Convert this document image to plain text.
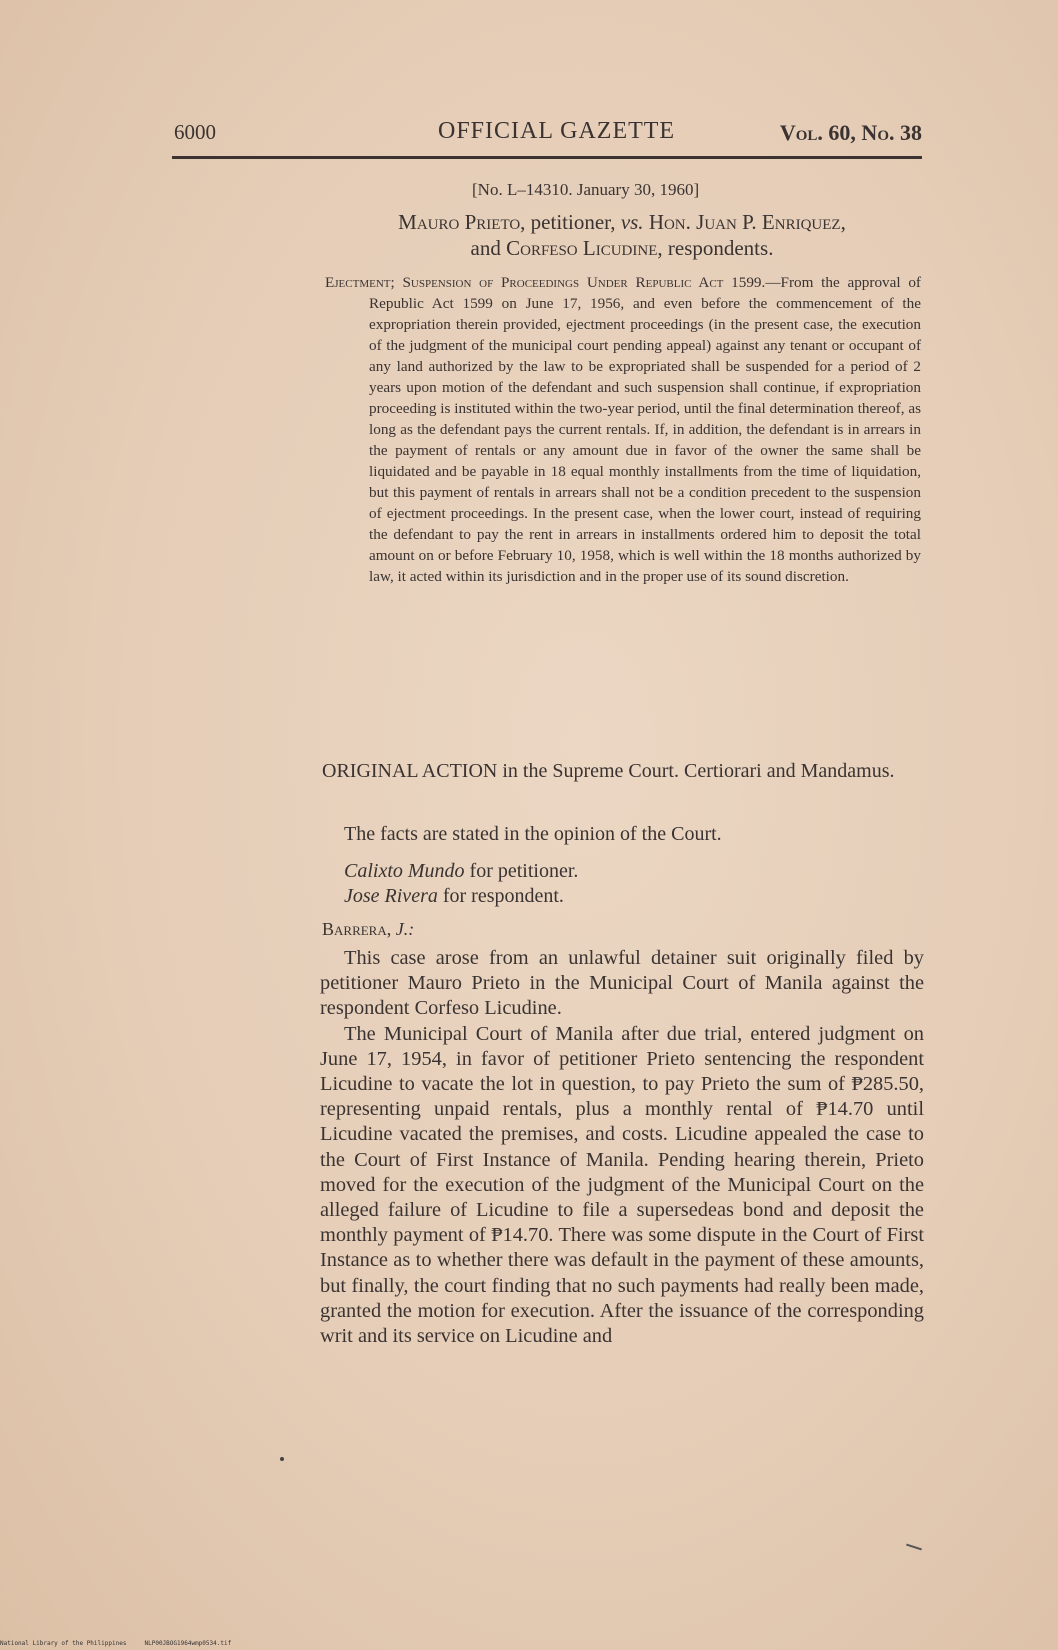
6000	OFFICIAL GAZETTE	Vol. 60, No. 38
[No. L–14310. January 30, 1960]
Mauro Prieto, petitioner, vs. Hon. Juan P. Enriquez,
and Corfeso Licudine, respondents.
Ejectment; Suspension of Proceedings Under Republic Act 1599.—From the approval of Republic Act 1599 on June 17, 1956, and even before the commencement of the expropriation therein provided, ejectment proceedings (in the present case, the execution of the judgment of the municipal court pending appeal) against any tenant or occupant of any land authorized by the law to be expropriated shall be suspended for a period of 2 years upon motion of the defendant and such suspension shall continue, if expropriation proceeding is instituted within the two-year period, until the final determination thereof, as long as the defendant pays the current rentals. If, in addition, the defendant is in arrears in the payment of rentals or any amount due in favor of the owner the same shall be liquidated and be payable in 18 equal monthly installments from the time of liquidation, but this payment of rentals in arrears shall not be a condition precedent to the suspension of ejectment proceedings. In the present case, when the lower court, instead of requiring the defendant to pay the rent in arrears in installments ordered him to deposit the total amount on or before February 10, 1958, which is well within the 18 months authorized by law, it acted within its jurisdiction and in the proper use of its sound discretion.
ORIGINAL ACTION in the Supreme Court. Certiorari and Mandamus.
The facts are stated in the opinion of the Court.
Calixto Mundo for petitioner.
Jose Rivera for respondent.
Barrera, J.:

This case arose from an unlawful detainer suit originally filed by petitioner Mauro Prieto in the Municipal Court of Manila against the respondent Corfeso Licudine.

The Municipal Court of Manila after due trial, entered judgment on June 17, 1954, in favor of petitioner Prieto sentencing the respondent Licudine to vacate the lot in question, to pay Prieto the sum of ₱285.50, representing unpaid rentals, plus a monthly rental of ₱14.70 until Licudine vacated the premises, and costs. Licudine appealed the case to the Court of First Instance of Manila. Pending hearing therein, Prieto moved for the execution of the judgment of the Municipal Court on the alleged failure of Licudine to file a supersedeas bond and deposit the monthly payment of ₱14.70. There was some dispute in the Court of First Instance as to whether there was default in the payment of these amounts, but finally, the court finding that no such payments had really been made, granted the motion for execution. After the issuance of the corresponding writ and its service on Licudine and

National Library of the Philippines     NLP00JBOG1964wmp0534.tif
